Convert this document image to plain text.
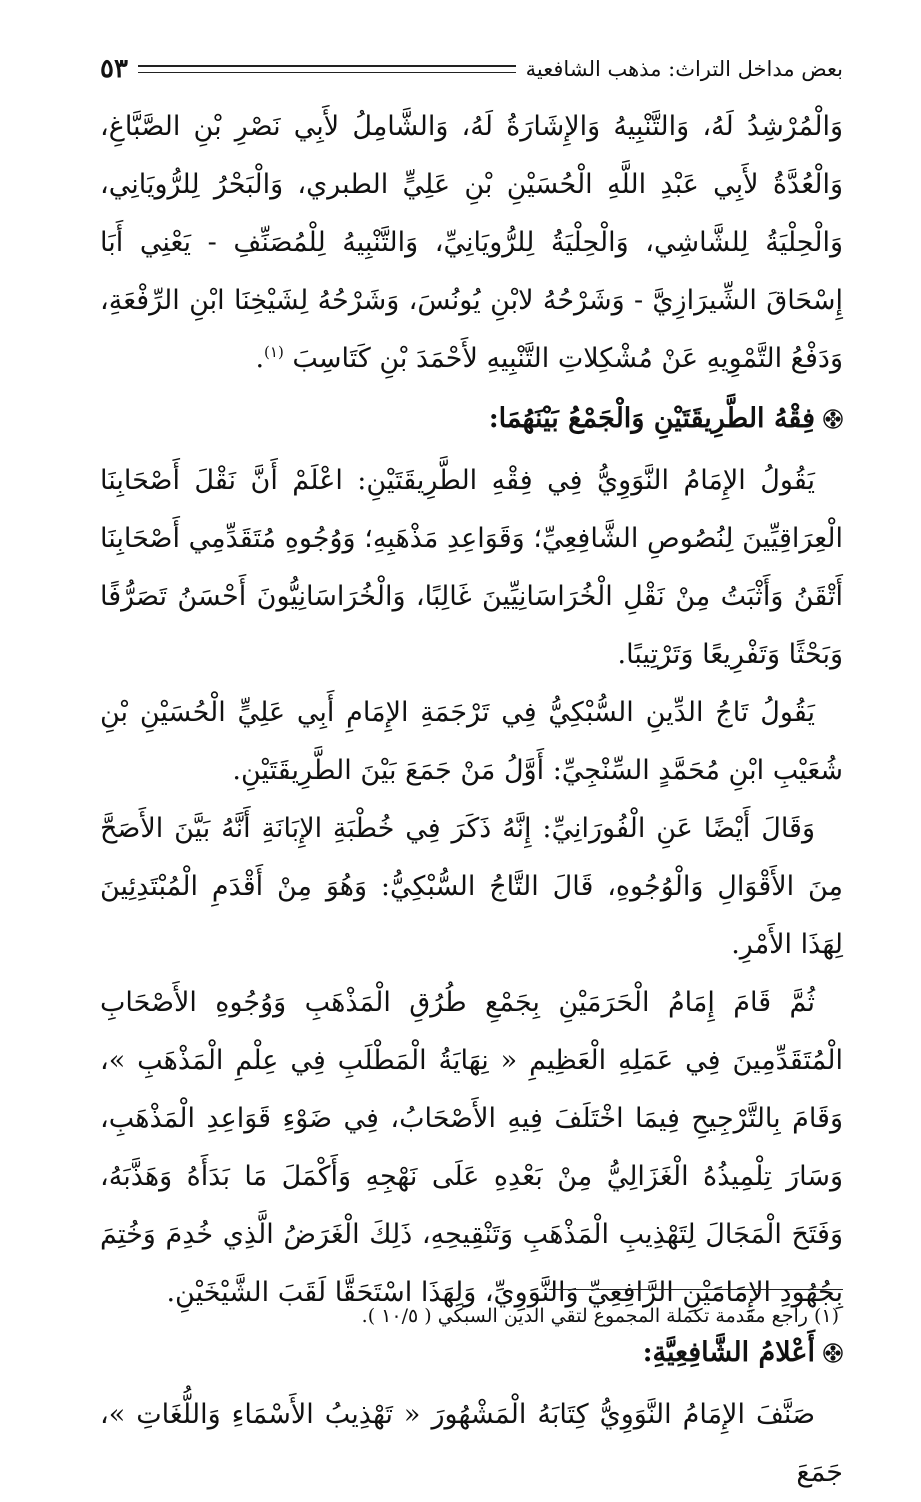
بعض مداخل التراث: مذهب الشافعية
٥٣

وَالْمُرْشِدُ لَهُ، وَالتَّنْبِيهُ وَالإِشَارَةُ لَهُ، وَالشَّامِلُ لأَبِي نَصْرِ بْنِ الصَّبَّاغِ، وَالْعُدَّةُ لأَبِي عَبْدِ اللَّهِ الْحُسَيْنِ بْنِ عَلِيٍّ الطبري، وَالْبَحْرُ لِلرُّويَانِي، وَالْحِلْيَةُ لِلشَّاشِي، وَالْحِلْيَةُ لِلرُّويَانِيِّ، وَالتَّنْبِيهُ لِلْمُصَنِّفِ - يَعْنِي أَبَا إِسْحَاقَ الشِّيرَازِيَّ - وَشَرْحُهُ لابْنِ يُونُسَ، وَشَرْحُهُ لِشَيْخِنَا ابْنِ الرِّفْعَةِ، وَدَفْعُ التَّمْوِيهِ عَنْ مُشْكِلاتِ التَّنْبِيهِ لأَحْمَدَ بْنِ كَتَاسِبَ $^{(١)}$.

فِقْهُ الطَّرِيقَتَيْنِ وَالْجَمْعُ بَيْنَهُمَا:

يَقُولُ الإِمَامُ النَّوَوِيُّ فِي فِقْهِ الطَّرِيقَتَيْنِ: اعْلَمْ أَنَّ نَقْلَ أَصْحَابِنَا الْعِرَاقِيِّينَ لِنُصُوصِ الشَّافِعِيِّ؛ وَقَوَاعِدِ مَذْهَبِهِ؛ وَوُجُوهِ مُتَقَدِّمِي أَصْحَابِنَا أَتْقَنُ وَأَثْبَتُ مِنْ نَقْلِ الْخُرَاسَانِيِّينَ غَالِبًا، وَالْخُرَاسَانِيُّونَ أَحْسَنُ تَصَرُّفًا وَبَحْثًا وَتَفْرِيعًا وَتَرْتِيبًا.

يَقُولُ تَاجُ الدِّينِ السُّبْكِيُّ فِي تَرْجَمَةِ الإِمَامِ أَبِي عَلِيٍّ الْحُسَيْنِ بْنِ شُعَيْبِ ابْنِ مُحَمَّدٍ السِّنْجِيِّ: أَوَّلُ مَنْ جَمَعَ بَيْنَ الطَّرِيقَتَيْنِ.

وَقَالَ أَيْضًا عَنِ الْفُورَانِيِّ: إِنَّهُ ذَكَرَ فِي خُطْبَةِ الإِبَانَةِ أَنَّهُ بَيَّنَ الأَصَحَّ مِنَ الأَقْوَالِ وَالْوُجُوهِ، قَالَ التَّاجُ السُّبْكِيُّ: وَهُوَ مِنْ أَقْدَمِ الْمُبْتَدِئِينَ لِهَذَا الأَمْرِ.

ثُمَّ قَامَ إِمَامُ الْحَرَمَيْنِ بِجَمْعِ طُرُقِ الْمَذْهَبِ وَوُجُوهِ الأَصْحَابِ الْمُتَقَدِّمِينَ فِي عَمَلِهِ الْعَظِيمِ « نِهَايَةُ الْمَطْلَبِ فِي عِلْمِ الْمَذْهَبِ »، وَقَامَ بِالتَّرْجِيحِ فِيمَا اخْتَلَفَ فِيهِ الأَصْحَابُ، فِي ضَوْءِ قَوَاعِدِ الْمَذْهَبِ، وَسَارَ تِلْمِيذُهُ الْغَزَالِيُّ مِنْ بَعْدِهِ عَلَى نَهْجِهِ وَأَكْمَلَ مَا بَدَأَهُ وَهَذَّبَهُ، وَفَتَحَ الْمَجَالَ لِتَهْذِيبِ الْمَذْهَبِ وَتَنْقِيحِهِ، ذَلِكَ الْغَرَضُ الَّذِي خُدِمَ وَخُتِمَ بِجُهُودِ الإِمَامَيْنِ الرَّافِعِيِّ وَالنَّوَوِيِّ، وَلِهَذَا اسْتَحَقَّا لَقَبَ الشَّيْخَيْنِ.

أَعْلامُ الشَّافِعِيَّةِ:

صَنَّفَ الإِمَامُ النَّوَوِيُّ كِتَابَهُ الْمَشْهُورَ « تَهْذِيبُ الأَسْمَاءِ وَاللُّغَاتِ »، جَمَعَ

(١) راجع مقدمة تكملة المجموع لتقي الدين السبكي ( ١٠/٥ ).
